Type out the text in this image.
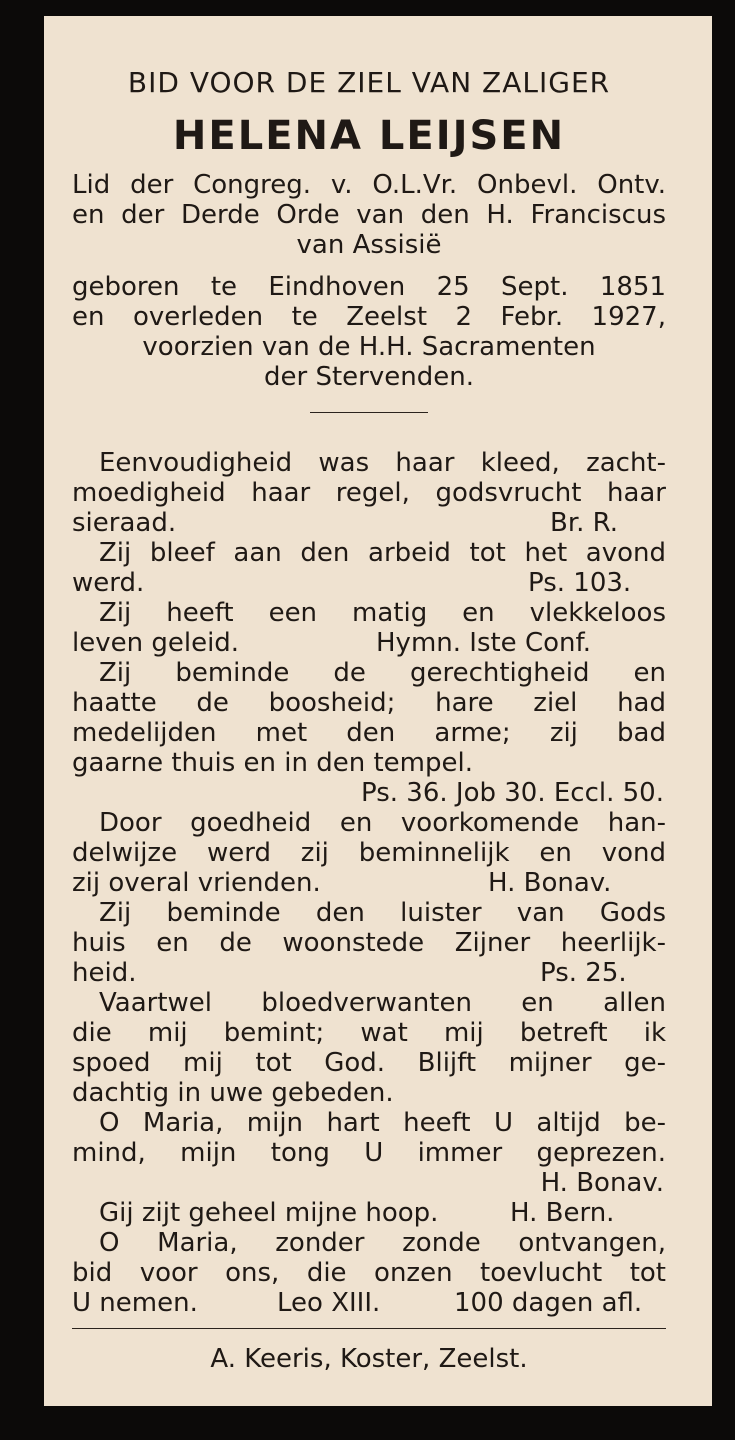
BID VOOR DE ZIEL VAN ZALIGER
HELENA LEIJSEN
Lid der Congreg. v. O.L.Vr. Onbevl. Ontv.
en der Derde Orde van den H. Franciscus
van Assisië
geboren te Eindhoven 25 Sept. 1851
en overleden te Zeelst 2 Febr. 1927,
voorzien van de H.H. Sacramenten
der Stervenden.
Eenvoudigheid was haar kleed, zacht-
moedigheid haar regel, godsvrucht haar
sieraad.	Br. R.
Zij bleef aan den arbeid tot het avond
werd.	Ps. 103.
Zij heeft een matig en vlekkeloos
leven geleid.	Hymn. Iste Conf.
Zij beminde de gerechtigheid en
haatte de boosheid; hare ziel had
medelijden met den arme; zij bad
gaarne thuis en in den tempel.
Ps. 36. Job 30. Eccl. 50.
Door goedheid en voorkomende han-
delwijze werd zij beminnelijk en vond
zij overal vrienden.	H. Bonav.
Zij beminde den luister van Gods
huis en de woonstede Zijner heerlijk-
heid.	Ps. 25.
Vaartwel bloedverwanten en allen
die mij bemint; wat mij betreft ik
spoed mij tot God. Blijft mijner ge-
dachtig in uwe gebeden.
O Maria, mijn hart heeft U altijd be-
mind, mijn tong U immer geprezen.
H. Bonav.
Gij zijt geheel mijne hoop.	H. Bern.
O Maria, zonder zonde ontvangen,
bid voor ons, die onzen toevlucht tot
U nemen.	Leo XIII.	100 dagen afl.
A. Keeris, Koster, Zeelst.
